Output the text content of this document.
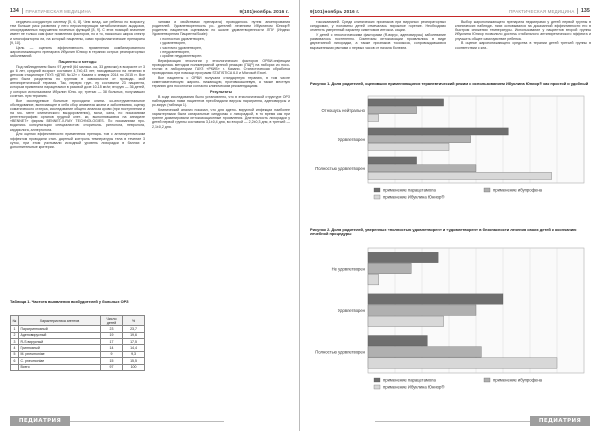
134 ПРАКТИЧЕСКАЯ МЕДИЦИНА	9(101)ноябрь 2016 г.

сердечно-сосудистую систему [5, 6, 8]. Чем млад- ше ребенок по возрасту, тем больше риск развития у него персистирующих метаболических ацидозов, опосредованных нарушения почечных функций [8, 9]. С этих позиций значение имеет не только сам факт появления факторов, но и то, насколько широк спектр и многофакторна ли, на который нацелены, сами профилактические препараты [9, 10].

Цель — оценить эффективность применения комбинированного жаропонижающего препарата Ибуклин Юниор в терапии острых респираторных заболеваний.

Пациенты и методы

Под наблюдением было 97 детей (64 мальчи- ка, 33 девочки) в возрасте от 3 до 6 лет, средний возраст составил 4,7±0,43 лет, находившихся на лечении в детском стационаре ГКУЗ «ДГКБ №12» г. Казани с января 2014 по 2015 гг. Все дети были разделены по группам в зависимости от проводи- мой антипиретической терапии. Так, первую груп- пу составили 23 пациента, которым применяли парацетамол в разовой дозе 10-15 мг/кг; вторую — 36 детей, у которых использовали Ибуклин Юни- ор; третью — 38 больных, получавших сочетан- ную терапию.

Все исследуемые больные проходили клини- ко-инструментальное обследование, включающее в себя сбор анамнеза жизни и заболевания, оценку соматического статуса, исследование общего анализа крови (при поступлении и на мо- мент клинического выздоровления), мочи, кала, по показаниям рентгенографию органов грудной клет- ки, выполнявшиеся на аппарате «BENNET» фирмы BENNET-X-RAY TECHNOLOGIES. По показаниям про- водились консультации специалистов: оторинола- ринголога, невролога, кардиолога, аллерголога.

Для оценки эффективности применения препара- тов с антипиретическим эффектом проводили стан- дартный контроль температуры тела в течение 3 суток, при этом учитывали исходный уровень лихорадки в баллах и дополнительные критерии.

чинами и свойствами препарата) проводилось путем анкетирования родителей. Удовлетворенность ро- дителей лечением Ибуклином Юниор® родители пациентов оценивали по шкале удовлетворенности ЛПУ (Индекс Удовлетворения Пациента/Scale):

• полностью удовлетворен,
• удовлетворен,
• частично удовлетворен,
• неудовлетворен,
• крайне неудовлетворен.

Верификация этиологии у этиологических факторов ОРВИ-инфекции проводилась методом полимеразной цепной реакции (ПЦР) на наборах из носо- глотки в лаборатории ГАУЗ «РКИБ» г. Казани. Статистическая обработка проводилась при помощи программ STATISTICA 6.0 и Microsoft Excel.

Все пациенты с ОРВИ получали стандартную терапию, в том числе симптоматическую: жаропо- нижающую, противокашлевую, а также местную терапию для носоглотки согласно клиническим рекомендациям.

Результаты

В ходе исследования было установлено, что в этиологической структуре ОРЗ наблюдаемых нами пациентов преобладали вирусы парагриппа, аденовирусы и рс-вирус (таблица 1).

Клинический анализ показал, что для адено- вирусной инфекции наиболее характерными были катаральные синдромы с лихорадкой, в то время как при гриппе доминировали интоксикационные проявления. Длительность лихорадки у детей первой группы составила 3,1±0,4 дня, во второй — 2,2±0,3 дня, в третьей — 2,1±0,2 дня.

Таблица 1. Частота выявления возбудителей у больных ОРЗ
№	Характеристика агентов	Число детей	%
1	Парагриппозный	23	23,7
2	Аденовирусный	19	19,6
3	R-S вирусный	17	17,5
4	Гриппозный	14	14,4
5	M. pneumoniae	9	9,3
6	C. pneumoniae	15	15,5
	Всего	97	100
ПЕДИАТРИЯ
9(101)ноябрь 2016 г.	ПРАКТИЧЕСКАЯ МЕДИЦИНА 135

токсикаемией. Среди клинических признаков при вирусных респираторных синдромах, у половины детей отмечалась пирожное горение. Необходимо отметить умеренный характер симптомов интокси- кации.

У детей с этиологическими факторами (R-вирус, аденовирусы) заболевание развивалось постепенно. Симптомы интоксикации проявлялись в виде двухэтапной лихорадки, а также признаков токсикоза, сопровождавшихся выраженными рвотами с первых часов от начала болезни.

Выбор жаропонижающего препарата педиатрами у детей первой группы в клинических наблюде- ниях основывался на доказанной эффективности его в быстром снижении температуры. Использование у пациентов второй группы Ибуклина Юниор позволило достичь стабильного антипиретического эффекта и улучшить общее самочувствие ребенка.

В оценке жаропонижающего средства в терапии детей третьей группы в соответствии с кли-

Рисунок 1. Доля родителей, оценивших применяющиеся терапевтический режим с использованием Ибуклина Юниор® как простой и удобный
Отношусь нейтрально
Удовлетворен
Полностью удовлетворен
применение парацетамола	применение ибупрофена
применение Ибуклина Юниор®
Рисунок 2. Доля родителей, уверенных «полностью удовлетворен» и «удовлетворен» в безопасности лечения своих детей к окончанию лечебной процедуры
Не удовлетворен
Удовлетворен
Полностью удовлетворен
применение парацетамола	применение ибупрофена
применение Ибуклина Юниор®
ПЕДИАТРИЯ
